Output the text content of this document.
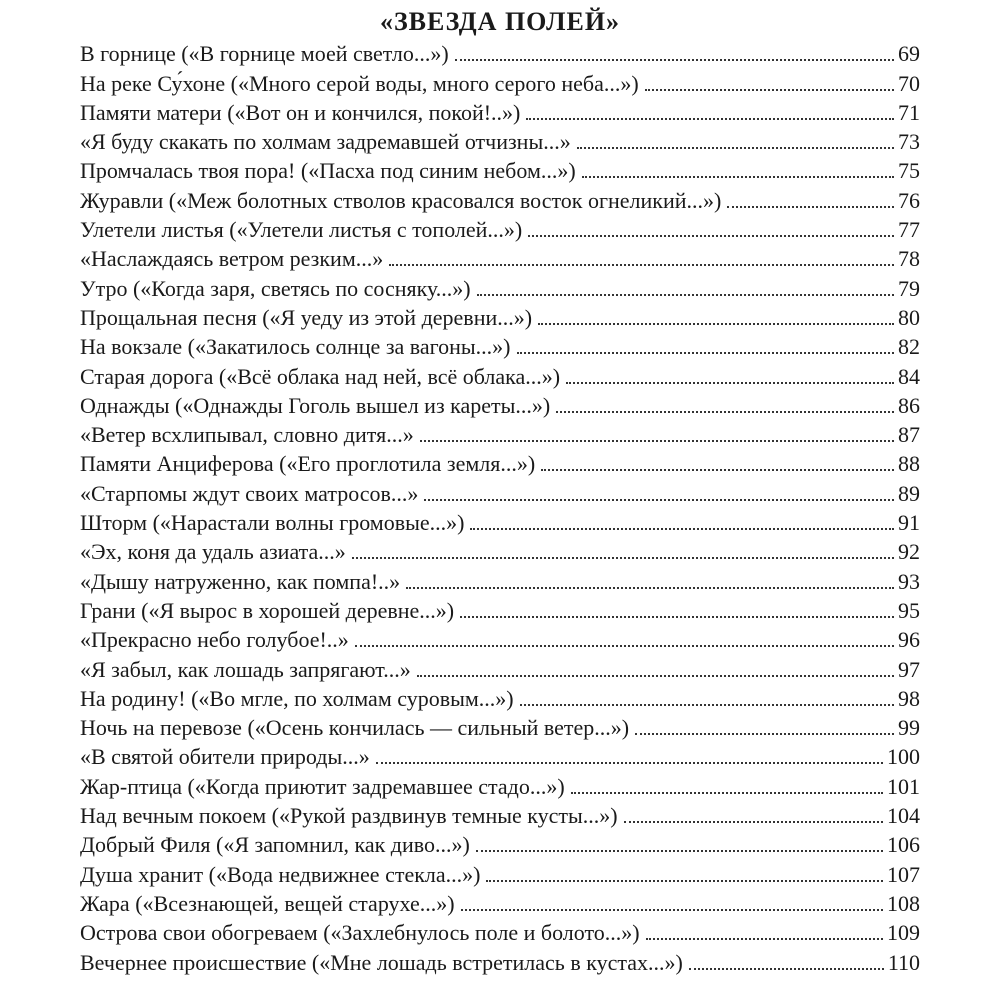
«ЗВЕЗДА ПОЛЕЙ»
В горнице («В горнице моей светло...»)	69
На реке Су́хоне («Много серой воды, много серого неба...»)	70
Памяти матери («Вот он и кончился, покой!..»)	71
«Я буду скакать по холмам задремавшей отчизны...»	73
Промчалась твоя пора! («Пасха под синим небом...»)	75
Журавли («Меж болотных стволов красовался восток огнеликий...»)	76
Улетели листья («Улетели листья с тополей...»)	77
«Наслаждаясь ветром резким...»	78
Утро («Когда заря, светясь по сосняку...»)	79
Прощальная песня («Я уеду из этой деревни...»)	80
На вокзале («Закатилось солнце за вагоны...»)	82
Старая дорога («Всё облака над ней, всё облака...»)	84
Однажды («Однажды Гоголь вышел из кареты...»)	86
«Ветер всхлипывал, словно дитя...»	87
Памяти Анциферова («Его проглотила земля...»)	88
«Старпомы ждут своих матросов...»	89
Шторм («Нарастали волны громовые...»)	91
«Эх, коня да удаль азиата...»	92
«Дышу натруженно, как помпа!..»	93
Грани («Я вырос в хорошей деревне...»)	95
«Прекрасно небо голубое!..»	96
«Я забыл, как лошадь запрягают...»	97
На родину! («Во мгле, по холмам суровым...»)	98
Ночь на перевозе («Осень кончилась — сильный ветер...»)	99
«В святой обители природы...»	100
Жар-птица («Когда приютит задремавшее стадо...»)	101
Над вечным покоем («Рукой раздвинув темные кусты...»)	104
Добрый Филя («Я запомнил, как диво...»)	106
Душа хранит («Вода недвижнее стекла...»)	107
Жара («Всезнающей, вещей старухе...»)	108
Острова свои обогреваем («Захлебнулось поле и болото...»)	109
Вечернее происшествие («Мне лошадь встретилась в кустах...»)	110
